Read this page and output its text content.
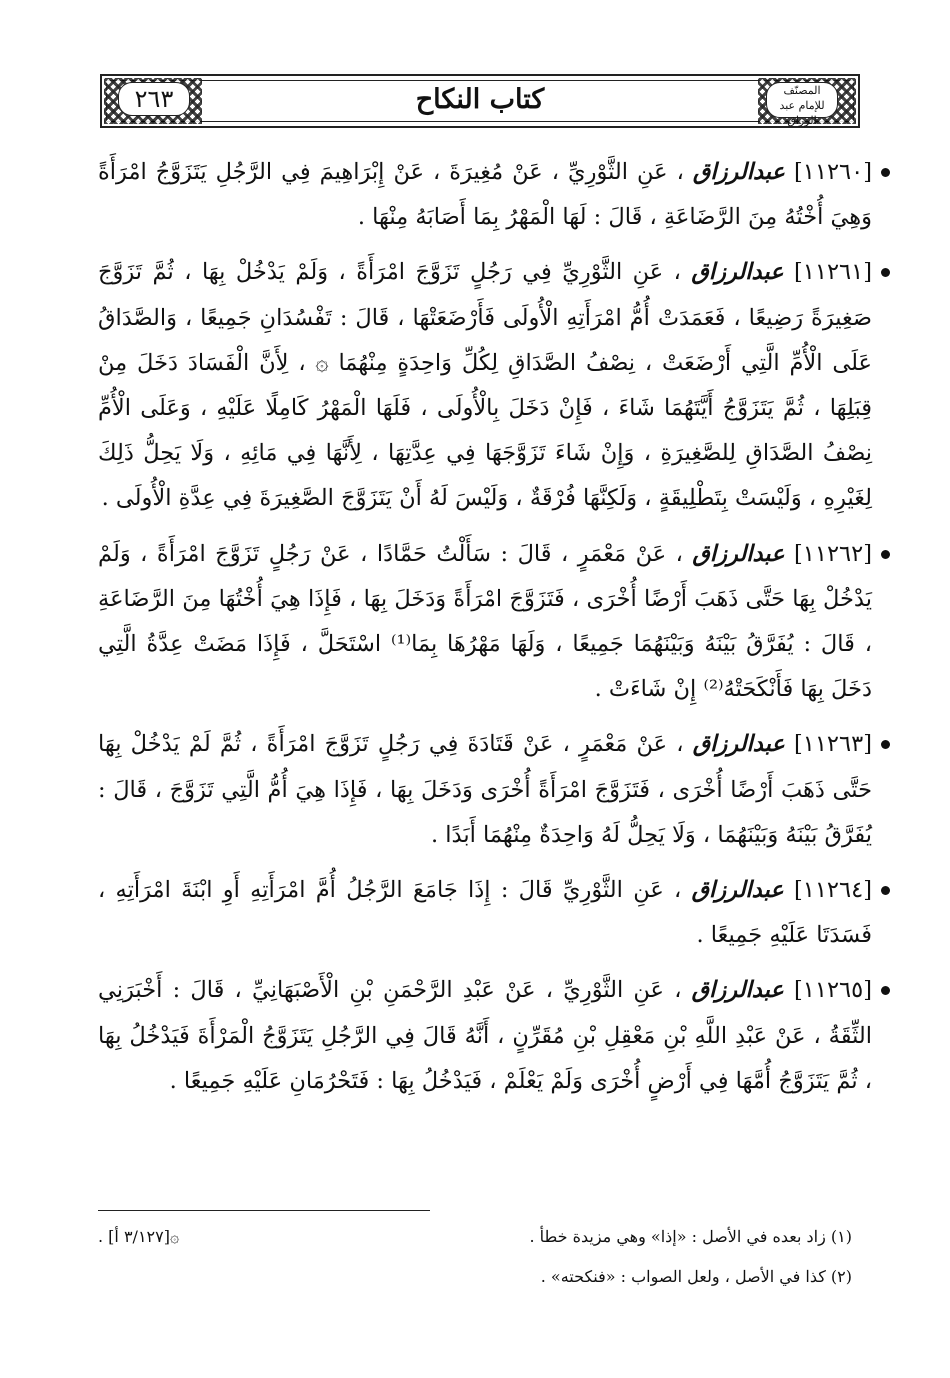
٢٦٣	المصنّف
للإمام عبد الرزاق
كتاب النكاح
[١١٢٦٠] عبدالرزاق ، عَنِ الثَّوْرِيِّ ، عَنْ مُغِيرَةَ ، عَنْ إِبْرَاهِيمَ فِي الرَّجُلِ يَتَزَوَّجُ امْرَأَةً وَهِيَ أُخْتُهُ مِنَ الرَّضَاعَةِ ، قَالَ : لَهَا الْمَهْرُ بِمَا أَصَابَهُ مِنْهَا .
[١١٢٦١] عبدالرزاق ، عَنِ الثَّوْرِيِّ فِي رَجُلٍ تَزَوَّجَ امْرَأَةً ، وَلَمْ يَدْخُلْ بِهَا ، ثُمَّ تَزَوَّجَ صَغِيرَةً رَضِيعًا ، فَعَمَدَتْ أُمُّ امْرَأَتِهِ الْأُولَى فَأَرْضَعَتْهَا ، قَالَ : تَفْسُدَانِ جَمِيعًا ، وَالصَّدَاقُ عَلَى الْأُمِّ الَّتِي أَرْضَعَتْ ، نِصْفُ الصَّدَاقِ لِكُلِّ وَاحِدَةٍ مِنْهُمَا ۞ ، لِأَنَّ الْفَسَادَ دَخَلَ مِنْ قِبَلِهَا ، ثُمَّ يَتَزَوَّجُ أَيَّتَهُمَا شَاءَ ، فَإِنْ دَخَلَ بِالْأُولَى ، فَلَهَا الْمَهْرُ كَامِلًا عَلَيْهِ ، وَعَلَى الْأُمِّ نِصْفُ الصَّدَاقِ لِلصَّغِيرَةِ ، وَإِنْ شَاءَ تَزَوَّجَهَا فِي عِدَّتِهَا ، لِأَنَّهَا فِي مَائِهِ ، وَلَا يَحِلُّ ذَلِكَ لِغَيْرِهِ ، وَلَيْسَتْ بِتَطْلِيقَةٍ ، وَلَكِنَّهَا فُرْقَةٌ ، وَلَيْسَ لَهُ أَنْ يَتَزَوَّجَ الصَّغِيرَةَ فِي عِدَّةِ الْأُولَى .
[١١٢٦٢] عبدالرزاق ، عَنْ مَعْمَرٍ ، قَالَ : سَأَلْتُ حَمَّادًا ، عَنْ رَجُلٍ تَزَوَّجَ امْرَأَةً ، وَلَمْ يَدْخُلْ بِهَا حَتَّى ذَهَبَ أَرْضًا أُخْرَى ، فَتَزَوَّجَ امْرَأَةً وَدَخَلَ بِهَا ، فَإِذَا هِيَ أُخْتُهَا مِنَ الرَّضَاعَةِ ، قَالَ : يُفَرَّقُ بَيْنَهُ وَبَيْنَهُمَا جَمِيعًا ، وَلَهَا مَهْرُهَا بِمَا⁽¹⁾ اسْتَحَلَّ ، فَإِذَا مَضَتْ عِدَّةُ الَّتِي دَخَلَ بِهَا فَأَنْكَحَتْهُ⁽²⁾ إِنْ شَاءَتْ .
[١١٢٦٣] عبدالرزاق ، عَنْ مَعْمَرٍ ، عَنْ قَتَادَةَ فِي رَجُلٍ تَزَوَّجَ امْرَأَةً ، ثُمَّ لَمْ يَدْخُلْ بِهَا حَتَّى ذَهَبَ أَرْضًا أُخْرَى ، فَتَزَوَّجَ امْرَأَةً أُخْرَى وَدَخَلَ بِهَا ، فَإِذَا هِيَ أُمُّ الَّتِي تَزَوَّجَ ، قَالَ : يُفَرَّقُ بَيْنَهُ وَبَيْنَهُمَا ، وَلَا يَحِلُّ لَهُ وَاحِدَةٌ مِنْهُمَا أَبَدًا .
[١١٢٦٤] عبدالرزاق ، عَنِ الثَّوْرِيِّ قَالَ : إِذَا جَامَعَ الرَّجُلُ أُمَّ امْرَأَتِهِ أَوِ ابْنَةَ امْرَأَتِهِ ، فَسَدَتَا عَلَيْهِ جَمِيعًا .
[١١٢٦٥] عبدالرزاق ، عَنِ الثَّوْرِيِّ ، عَنْ عَبْدِ الرَّحْمَنِ بْنِ الْأَصْبَهَانِيِّ ، قَالَ : أَخْبَرَنِي الثِّقَةُ ، عَنْ عَبْدِ اللَّهِ بْنِ مَعْقِلِ بْنِ مُقَرِّنٍ ، أَنَّهُ قَالَ فِي الرَّجُلِ يَتَزَوَّجُ الْمَرْأَةَ فَيَدْخُلُ بِهَا ، ثُمَّ يَتَزَوَّجُ أُمَّهَا فِي أَرْضٍ أُخْرَى وَلَمْ يَعْلَمْ ، فَيَدْخُلُ بِهَا : فَتَحْرُمَانِ عَلَيْهِ جَمِيعًا .
۞[٣/١٢٧ أ] .	(١) زاد بعده في الأصل : «إذا» وهي مزيدة خطأ .
(٢) كذا في الأصل ، ولعل الصواب : «فنكحته» .
